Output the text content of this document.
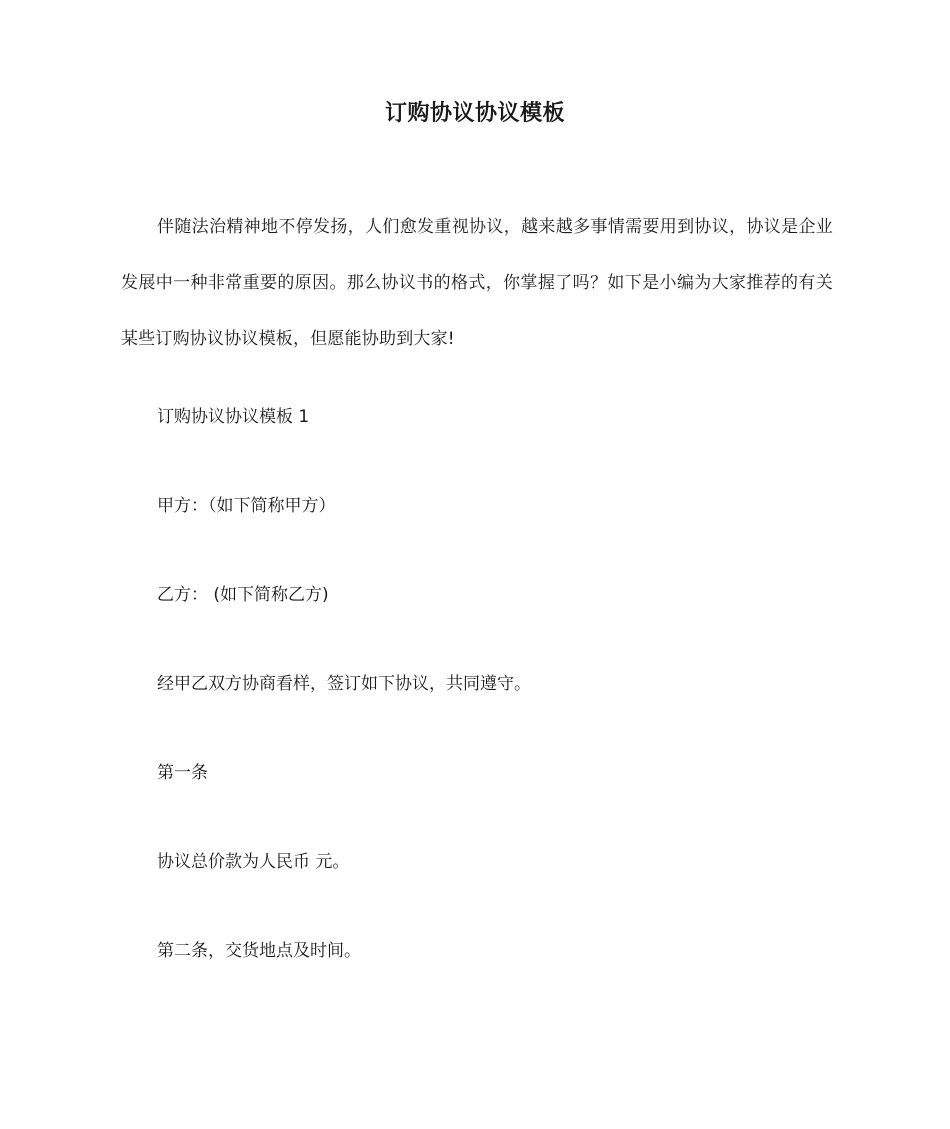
订购协议协议模板
伴随法治精神地不停发扬，人们愈发重视协议，越来越多事情需要用到协议，协议是企业发展中一种非常重要的原因。那么协议书的格式，你掌握了吗？如下是小编为大家推荐的有关某些订购协议协议模板，但愿能协助到大家!
订购协议协议模板 1
甲方：（如下简称甲方）
乙方： (如下简称乙方)
经甲乙双方协商看样，签订如下协议，共同遵守。
第一条
协议总价款为人民币 元。
第二条，交货地点及时间。
